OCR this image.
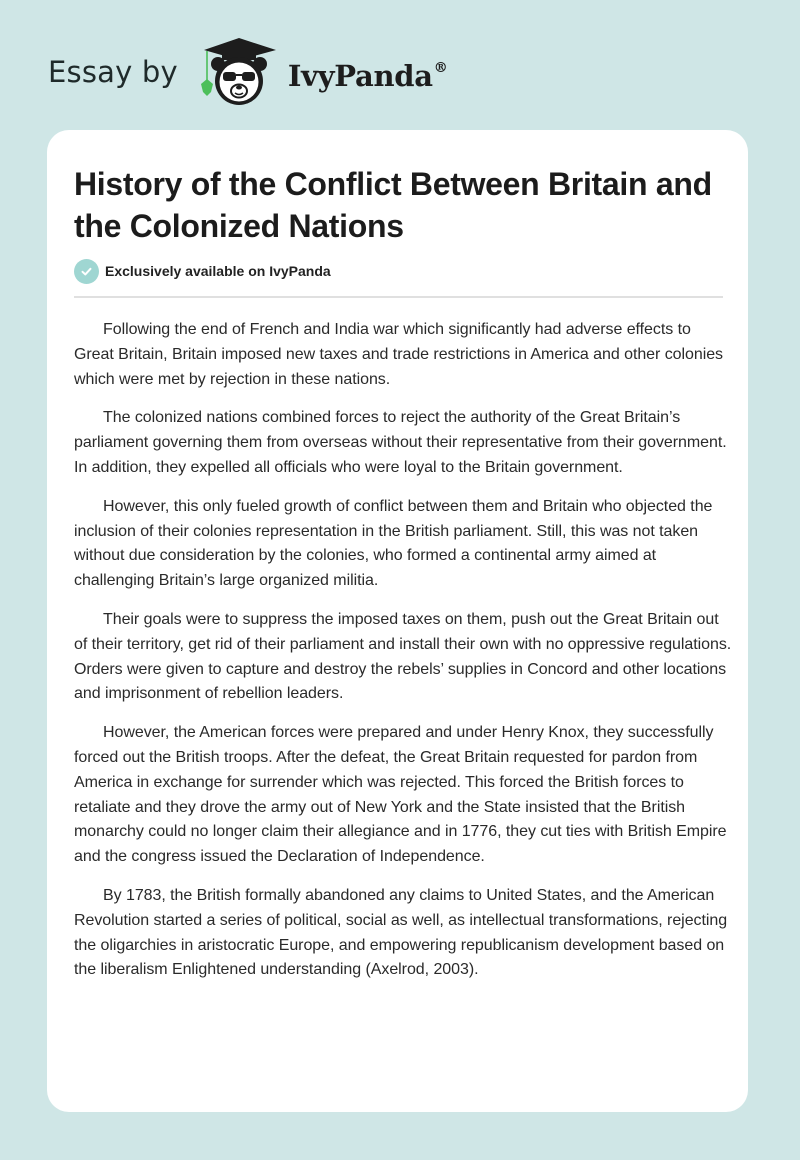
Essay by	IvyPanda®
History of the Conflict Between Britain and the Colonized Nations
Exclusively available on IvyPanda

Following the end of French and India war which significantly had adverse effects to Great Britain, Britain imposed new taxes and trade restrictions in America and other colonies which were met by rejection in these nations.

The colonized nations combined forces to reject the authority of the Great Britain’s parliament governing them from overseas without their representative from their government. In addition, they expelled all officials who were loyal to the Britain government.

However, this only fueled growth of conflict between them and Britain who objected the inclusion of their colonies representation in the British parliament. Still, this was not taken without due consideration by the colonies, who formed a continental army aimed at challenging Britain’s large organized militia.

Their goals were to suppress the imposed taxes on them, push out the Great Britain out of their territory, get rid of their parliament and install their own with no oppressive regulations. Orders were given to capture and destroy the rebels’ supplies in Concord and other locations and imprisonment of rebellion leaders.

However, the American forces were prepared and under Henry Knox, they successfully forced out the British troops. After the defeat, the Great Britain requested for pardon from America in exchange for surrender which was rejected. This forced the British forces to retaliate and they drove the army out of New York and the State insisted that the British monarchy could no longer claim their allegiance and in 1776, they cut ties with British Empire and the congress issued the Declaration of Independence.

By 1783, the British formally abandoned any claims to United States, and the American Revolution started a series of political, social as well, as intellectual transformations, rejecting the oligarchies in aristocratic Europe, and empowering republicanism development based on the liberalism Enlightened understanding (Axelrod, 2003).
